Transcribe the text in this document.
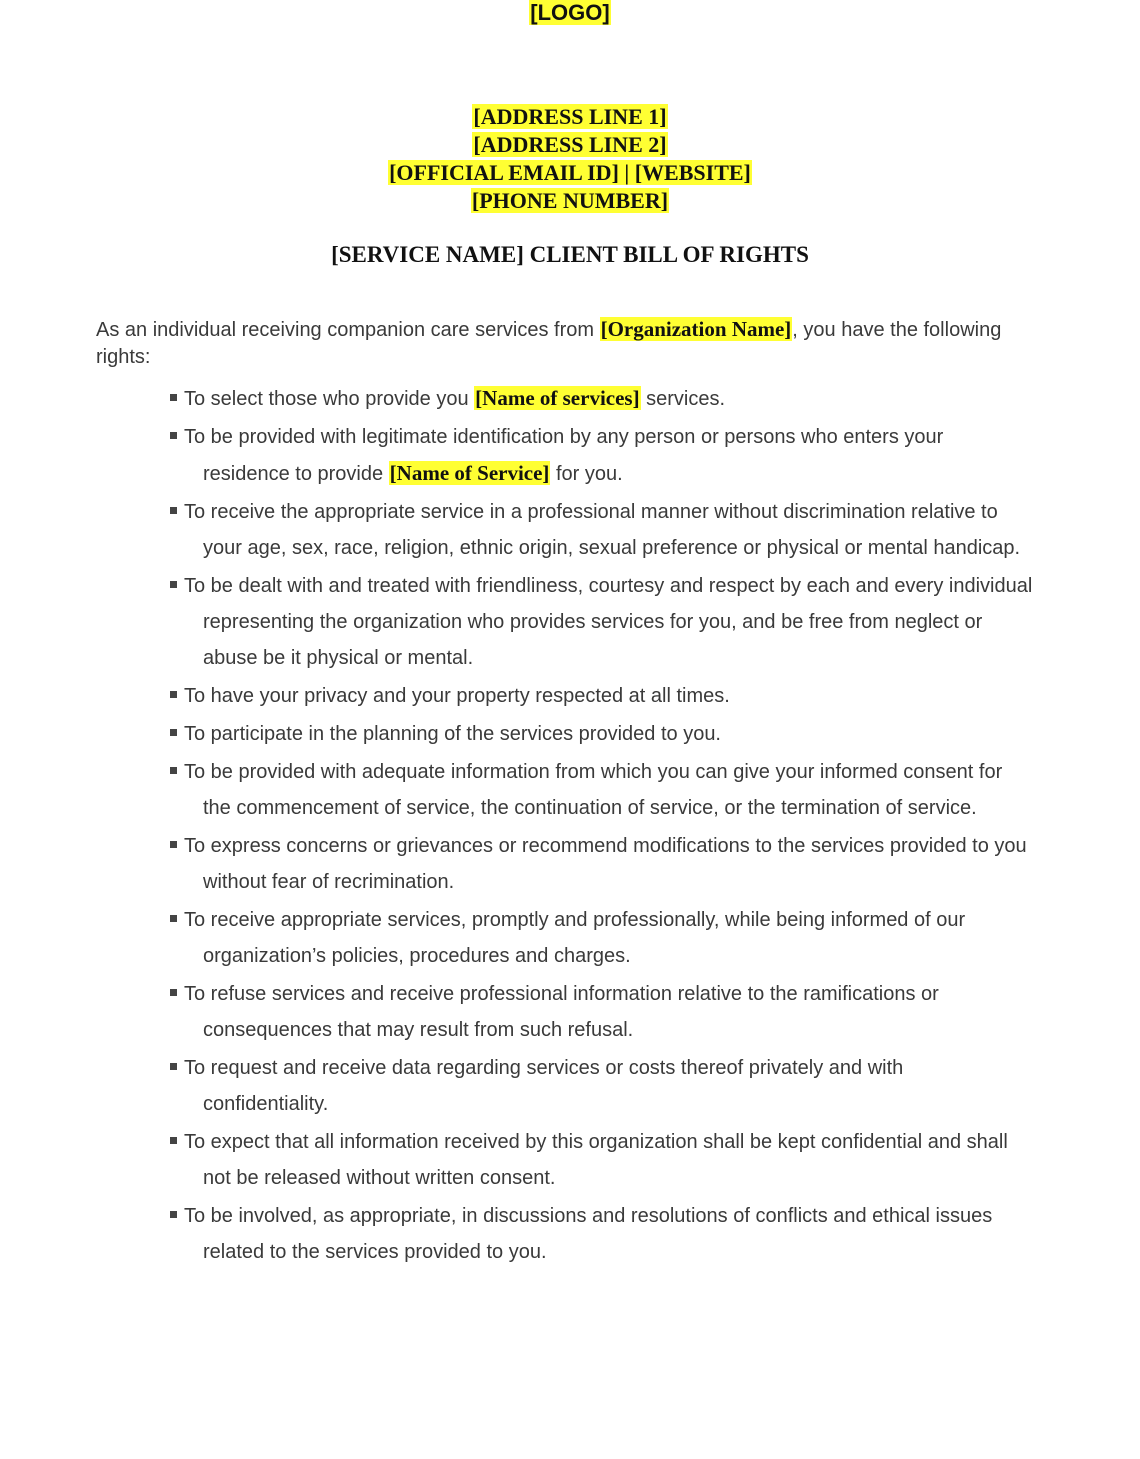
[LOGO]
[ADDRESS LINE 1]
[ADDRESS LINE 2]
[OFFICIAL EMAIL ID] | [WEBSITE]
[PHONE NUMBER]
[SERVICE NAME] CLIENT BILL OF RIGHTS

As an individual receiving companion care services from [Organization Name], you have the following rights:

To select those who provide you [Name of services] services.
To be provided with legitimate identification by any person or persons who enters your residence to provide [Name of Service] for you.
To receive the appropriate service in a professional manner without discrimination relative to your age, sex, race, religion, ethnic origin, sexual preference or physical or mental handicap.
To be dealt with and treated with friendliness, courtesy and respect by each and every individual representing the organization who provides services for you, and be free from neglect or abuse be it physical or mental.
To have your privacy and your property respected at all times.
To participate in the planning of the services provided to you.
To be provided with adequate information from which you can give your informed consent for the commencement of service, the continuation of service, or the termination of service.
To express concerns or grievances or recommend modifications to the services provided to you without fear of recrimination.
To receive appropriate services, promptly and professionally, while being informed of our organization’s policies, procedures and charges.
To refuse services and receive professional information relative to the ramifications or consequences that may result from such refusal.
To request and receive data regarding services or costs thereof privately and with confidentiality.
To expect that all information received by this organization shall be kept confidential and shall not be released without written consent.
To be involved, as appropriate, in discussions and resolutions of conflicts and ethical issues related to the services provided to you.
